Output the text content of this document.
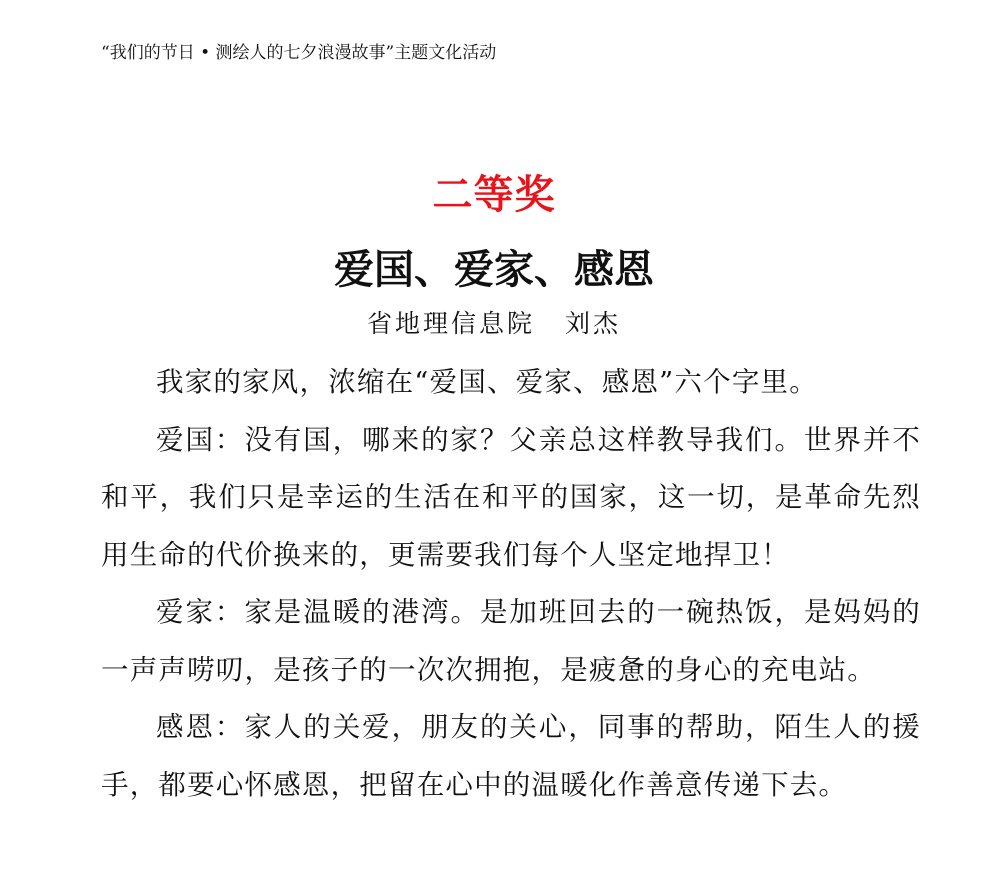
“我们的节日 • 测绘人的七夕浪漫故事”主题文化活动
二等奖
爱国、爱家、感恩
省地理信息院 刘杰

我家的家风，浓缩在“爱国、爱家、感恩”六个字里。

爱国：没有国，哪来的家？父亲总这样教导我们。世界并不和平，我们只是幸运的生活在和平的国家，这一切，是革命先烈用生命的代价换来的，更需要我们每个人坚定地捍卫！

爱家：家是温暖的港湾。是加班回去的一碗热饭，是妈妈的一声声唠叨，是孩子的一次次拥抱，是疲惫的身心的充电站。

感恩：家人的关爱，朋友的关心，同事的帮助，陌生人的援手，都要心怀感恩，把留在心中的温暖化作善意传递下去。
